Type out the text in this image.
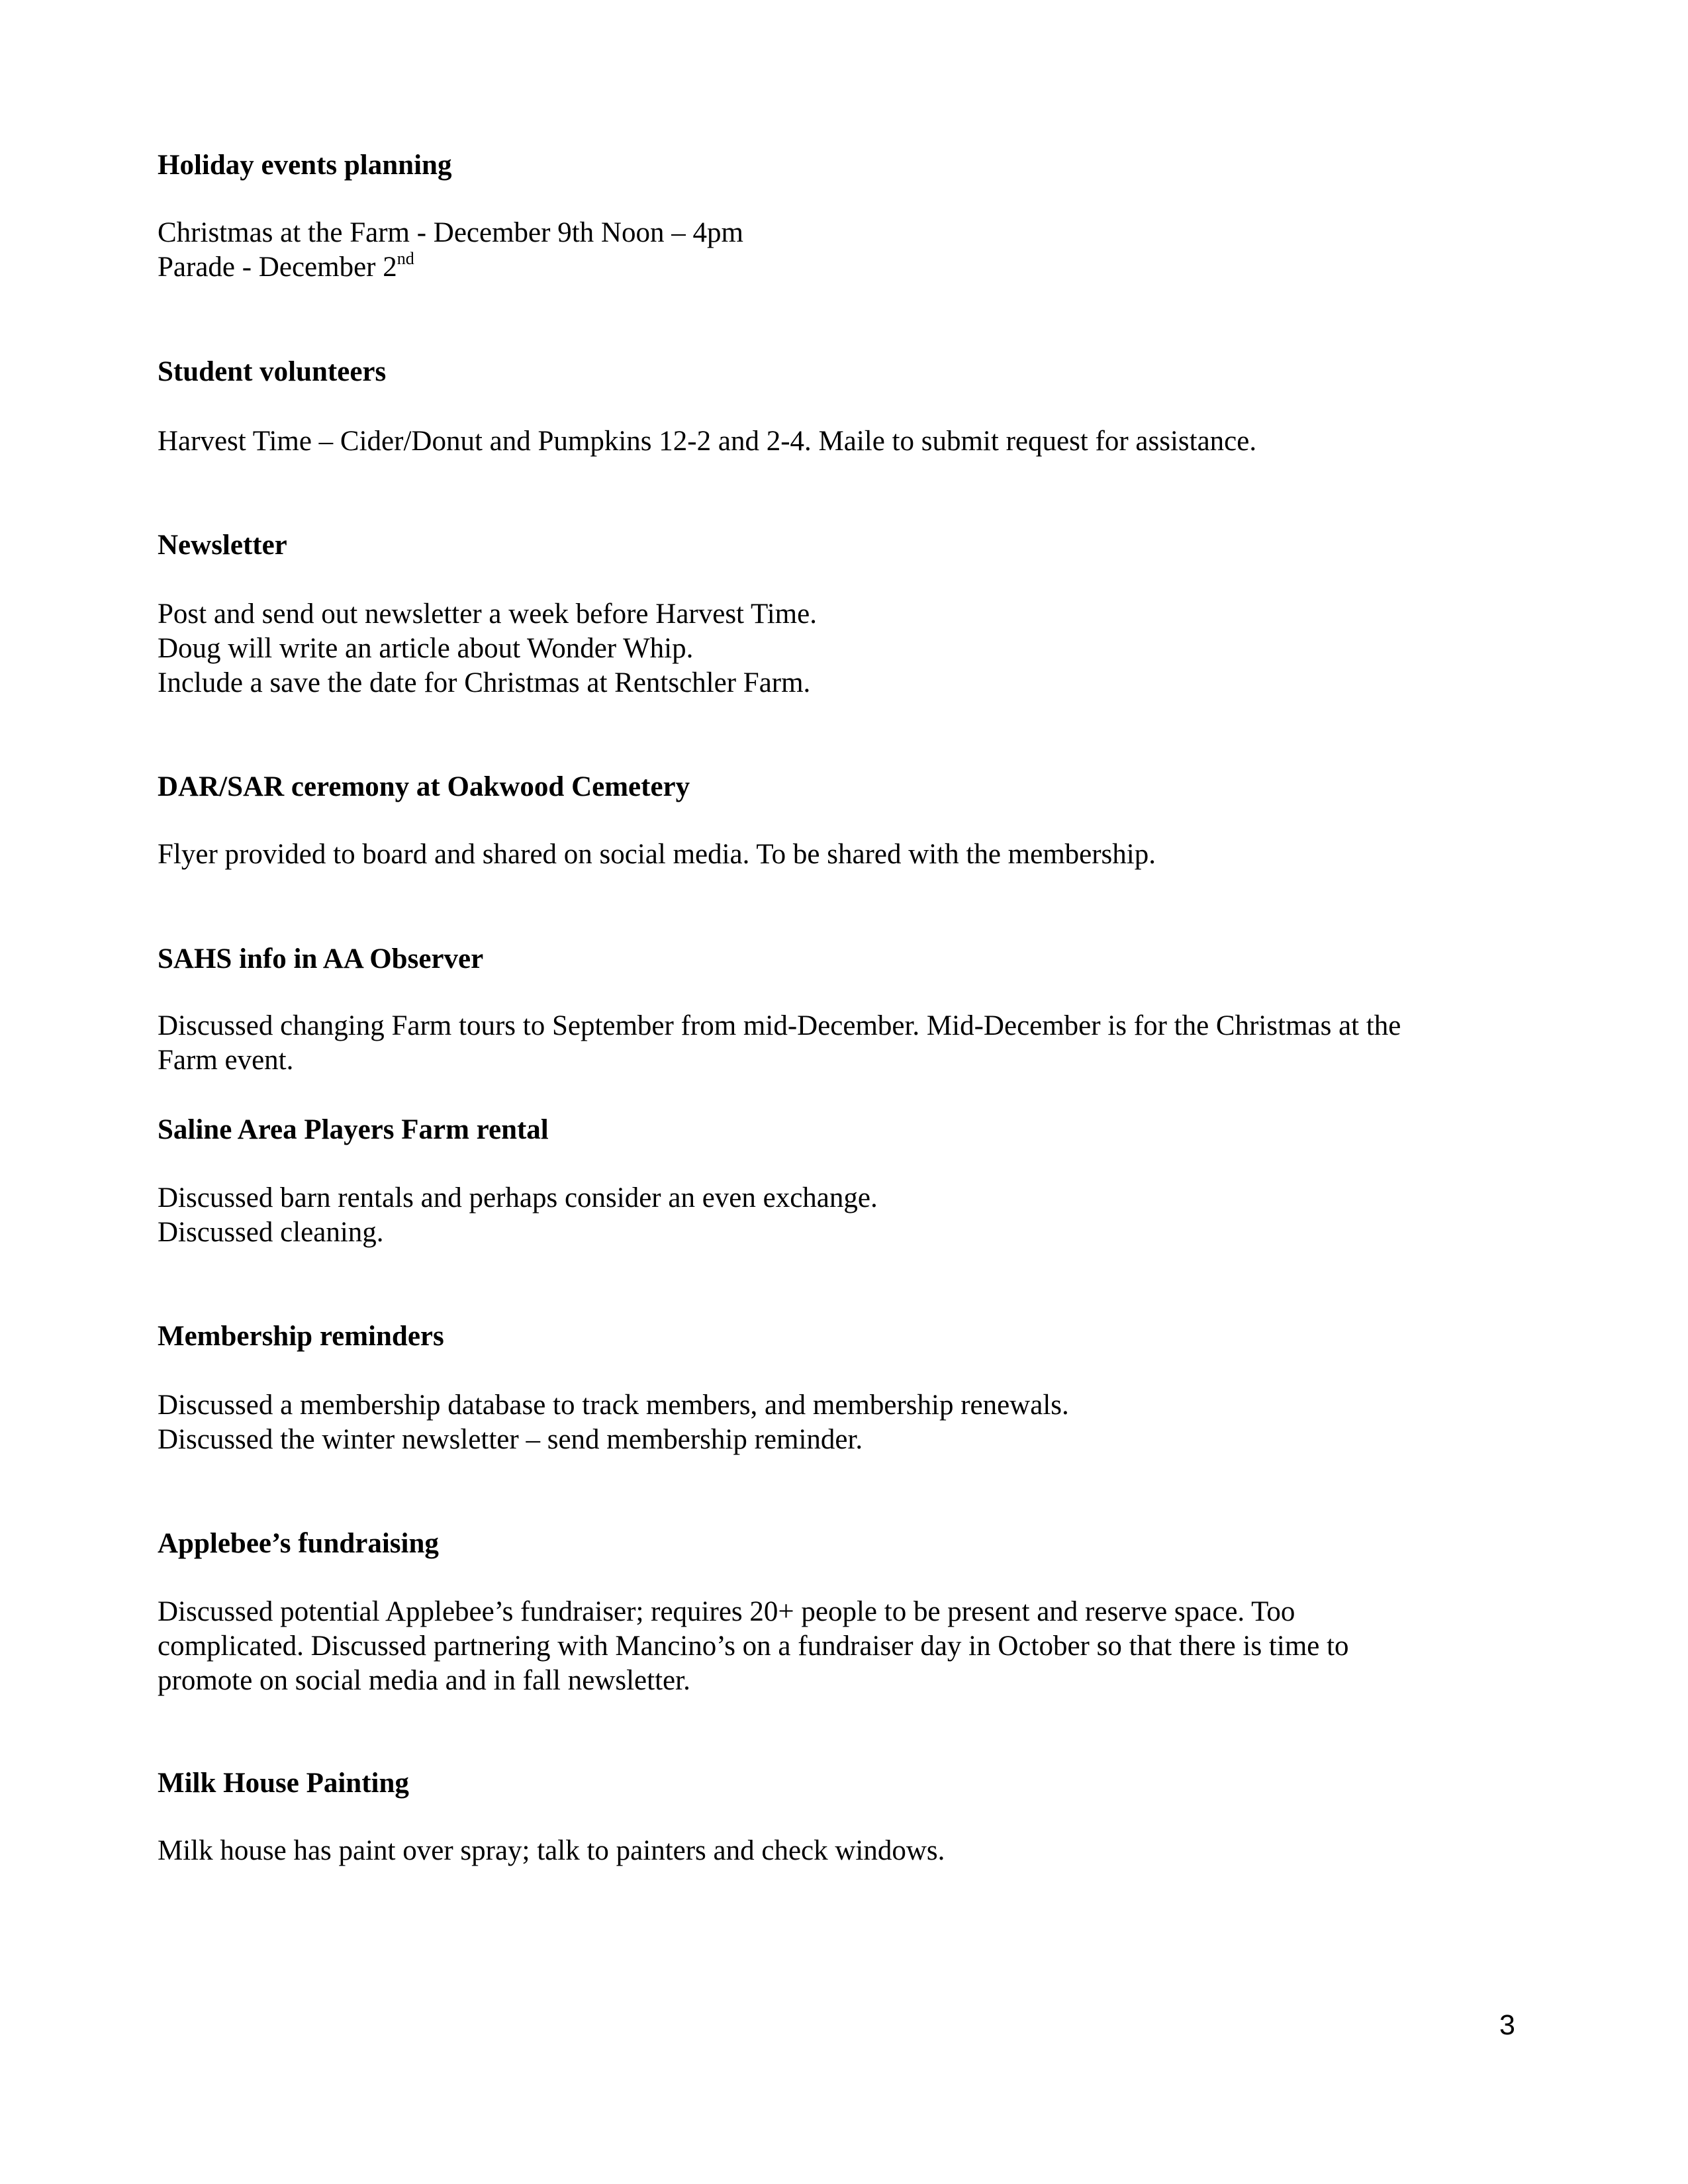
Holiday events planning

Christmas at the Farm - December 9th Noon – 4pm

Parade - December 2nd

Student volunteers

Harvest Time – Cider/Donut and Pumpkins 12-2 and 2-4. Maile to submit request for assistance.

Newsletter

Post and send out newsletter a week before Harvest Time.

Doug will write an article about Wonder Whip.

Include a save the date for Christmas at Rentschler Farm.

DAR/SAR ceremony at Oakwood Cemetery

Flyer provided to board and shared on social media. To be shared with the membership.

SAHS info in AA Observer

Discussed changing Farm tours to September from mid-December. Mid-December is for the Christmas at the

Farm event.

Saline Area Players Farm rental

Discussed barn rentals and perhaps consider an even exchange.

Discussed cleaning.

Membership reminders

Discussed a membership database to track members, and membership renewals.

Discussed the winter newsletter – send membership reminder.

Applebee’s fundraising

Discussed potential Applebee’s fundraiser; requires 20+ people to be present and reserve space. Too

complicated. Discussed partnering with Mancino’s on a fundraiser day in October so that there is time to

promote on social media and in fall newsletter.

Milk House Painting

Milk house has paint over spray; talk to painters and check windows.

3
